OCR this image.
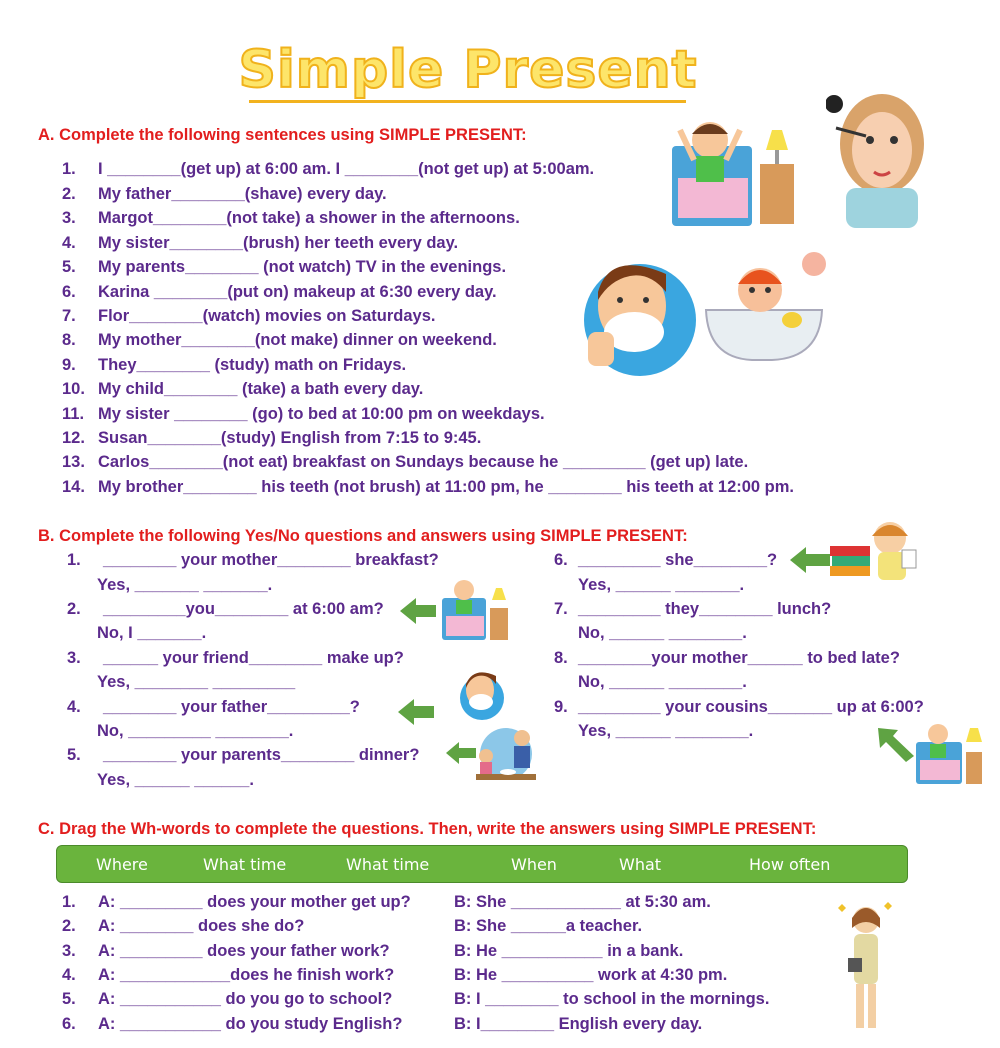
Simple Present
A. Complete the following sentences using SIMPLE PRESENT:
1. I ________(get up) at 6:00 am. I ________(not get up) at 5:00am.
2. My father________(shave) every day.
3. Margot________(not take) a shower in the afternoons.
4. My sister________(brush) her teeth every day.
5. My parents________ (not watch) TV in the evenings.
6. Karina ________(put on) makeup at 6:30 every day.
7. Flor________(watch) movies on Saturdays.
8. My mother________(not make) dinner on weekend.
9. They________ (study) math on Fridays.
10. My child________ (take) a bath every day.
11. My sister ________ (go) to bed at 10:00 pm on weekdays.
12. Susan________(study) English from 7:15 to 9:45.
13. Carlos________(not eat) breakfast on Sundays because he _________ (get up) late.
14. My brother________ his teeth (not brush) at 11:00 pm, he ________ his teeth at 12:00 pm.
B. Complete the following Yes/No questions and answers using SIMPLE PRESENT:
1. ________ your mother________ breakfast?
Yes, _______ _______.
2. _________you________ at 6:00 am?
No, I _______.
3. ______ your friend________ make up?
Yes, ________ _________
4. ________ your father_________?
No, _________ ________.
5. ________ your parents________ dinner?
Yes, ______ ______.
6. _________ she________?
Yes, ______ _______.
7. _________ they________ lunch?
No, ______ ________.
8. ________your mother______ to bed late?
No, ______ ________.
9. _________ your cousins_______ up at 6:00?
Yes, ______ ________.
C. Drag the Wh-words to complete the questions. Then, write the answers using SIMPLE PRESENT:
Where	What time	What time	When	What	How often
1. A: _________ does your mother get up?	B: She ____________ at 5:30 am.
2. A: ________ does she do?	B: She ______a teacher.
3. A: _________ does your father work?	B: He ___________ in a bank.
4. A: ____________does he finish work?	B: He __________ work at 4:30 pm.
5. A: ___________ do you go to school?	B: I ________ to school in the mornings.
6. A: ___________ do you study English?	B: I________ English every day.
